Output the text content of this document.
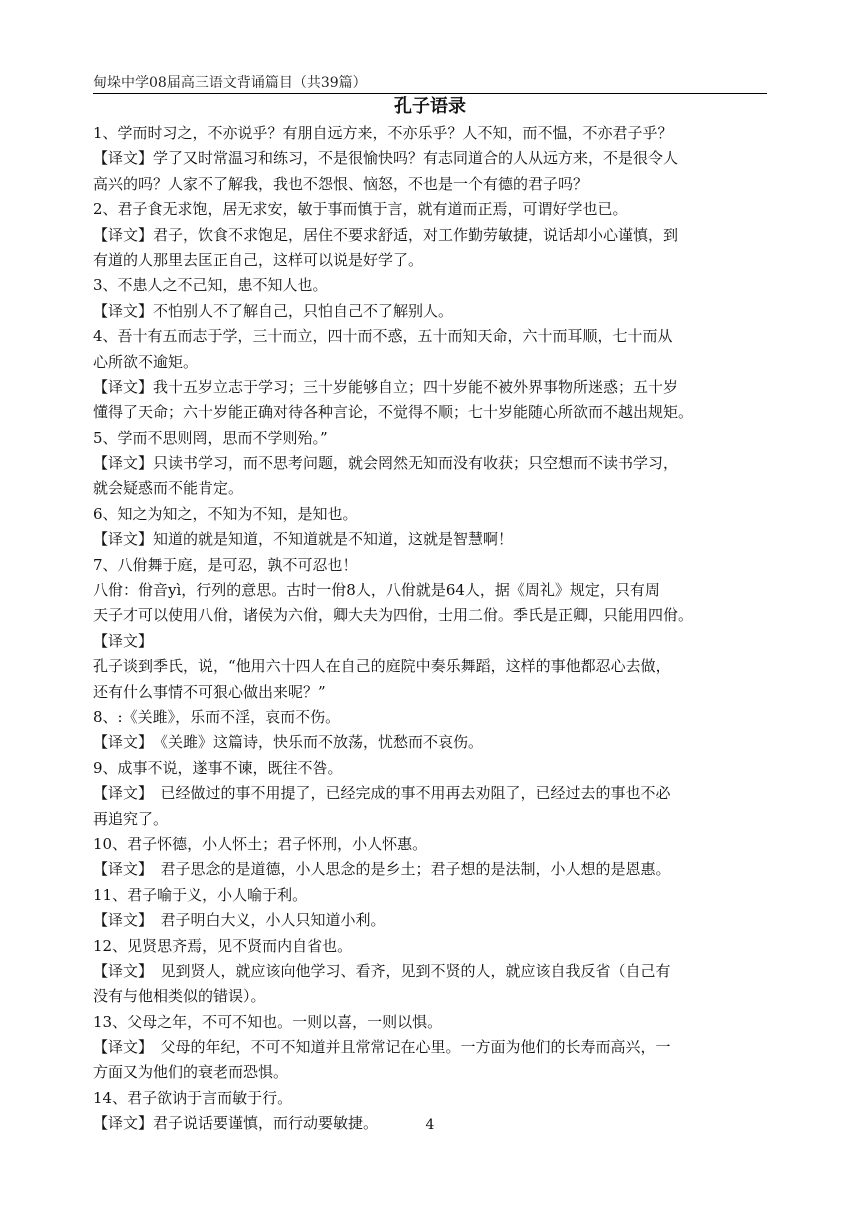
甸垛中学08届高三语文背诵篇目（共39篇）
孔子语录
1、学而时习之，不亦说乎？有朋自远方来，不亦乐乎？人不知，而不愠，不亦君子乎？
【译文】学了又时常温习和练习，不是很愉快吗？有志同道合的人从远方来，不是很令人
高兴的吗？人家不了解我，我也不怨恨、恼怒，不也是一个有德的君子吗？
2、君子食无求饱，居无求安，敏于事而慎于言，就有道而正焉，可谓好学也已。
【译文】君子，饮食不求饱足，居住不要求舒适，对工作勤劳敏捷，说话却小心谨慎，到
有道的人那里去匡正自己，这样可以说是好学了。
3、不患人之不己知，患不知人也。
【译文】不怕别人不了解自己，只怕自己不了解别人。
4、吾十有五而志于学，三十而立，四十而不惑，五十而知天命，六十而耳顺，七十而从
心所欲不逾矩。
【译文】我十五岁立志于学习；三十岁能够自立；四十岁能不被外界事物所迷惑；五十岁
懂得了天命；六十岁能正确对待各种言论，不觉得不顺；七十岁能随心所欲而不越出规矩。
5、学而不思则罔，思而不学则殆。”
【译文】只读书学习，而不思考问题，就会罔然无知而没有收获；只空想而不读书学习，
就会疑惑而不能肯定。
6、知之为知之，不知为不知，是知也。
【译文】知道的就是知道，不知道就是不知道，这就是智慧啊！
7、八佾舞于庭，是可忍，孰不可忍也！
八佾：佾音yì，行列的意思。古时一佾8人，八佾就是64人，据《周礼》规定，只有周
天子才可以使用八佾，诸侯为六佾，卿大夫为四佾，士用二佾。季氏是正卿，只能用四佾。
【译文】
孔子谈到季氏，说，“他用六十四人在自己的庭院中奏乐舞蹈，这样的事他都忍心去做，
还有什么事情不可狠心做出来呢？”
8、:《关雎》，乐而不淫，哀而不伤。
【译文】　《关雎》这篇诗，快乐而不放荡，忧愁而不哀伤。
9、成事不说，遂事不谏，既往不咎。
【译文】　已经做过的事不用提了，已经完成的事不用再去劝阻了，已经过去的事也不必
再追究了。
10、君子怀德，小人怀土；君子怀刑，小人怀惠。
【译文】　君子思念的是道德，小人思念的是乡土；君子想的是法制，小人想的是恩惠。
11、君子喻于义，小人喻于利。
【译文】　君子明白大义，小人只知道小利。
12、见贤思齐焉，见不贤而内自省也。
【译文】　见到贤人，就应该向他学习、看齐，见到不贤的人，就应该自我反省（自己有
没有与他相类似的错误）。
13、父母之年，不可不知也。一则以喜，一则以惧。
【译文】　父母的年纪，不可不知道并且常常记在心里。一方面为他们的长寿而高兴，一
方面又为他们的衰老而恐惧。
14、君子欲讷于言而敏于行。
【译文】君子说话要谨慎，而行动要敏捷。	4
